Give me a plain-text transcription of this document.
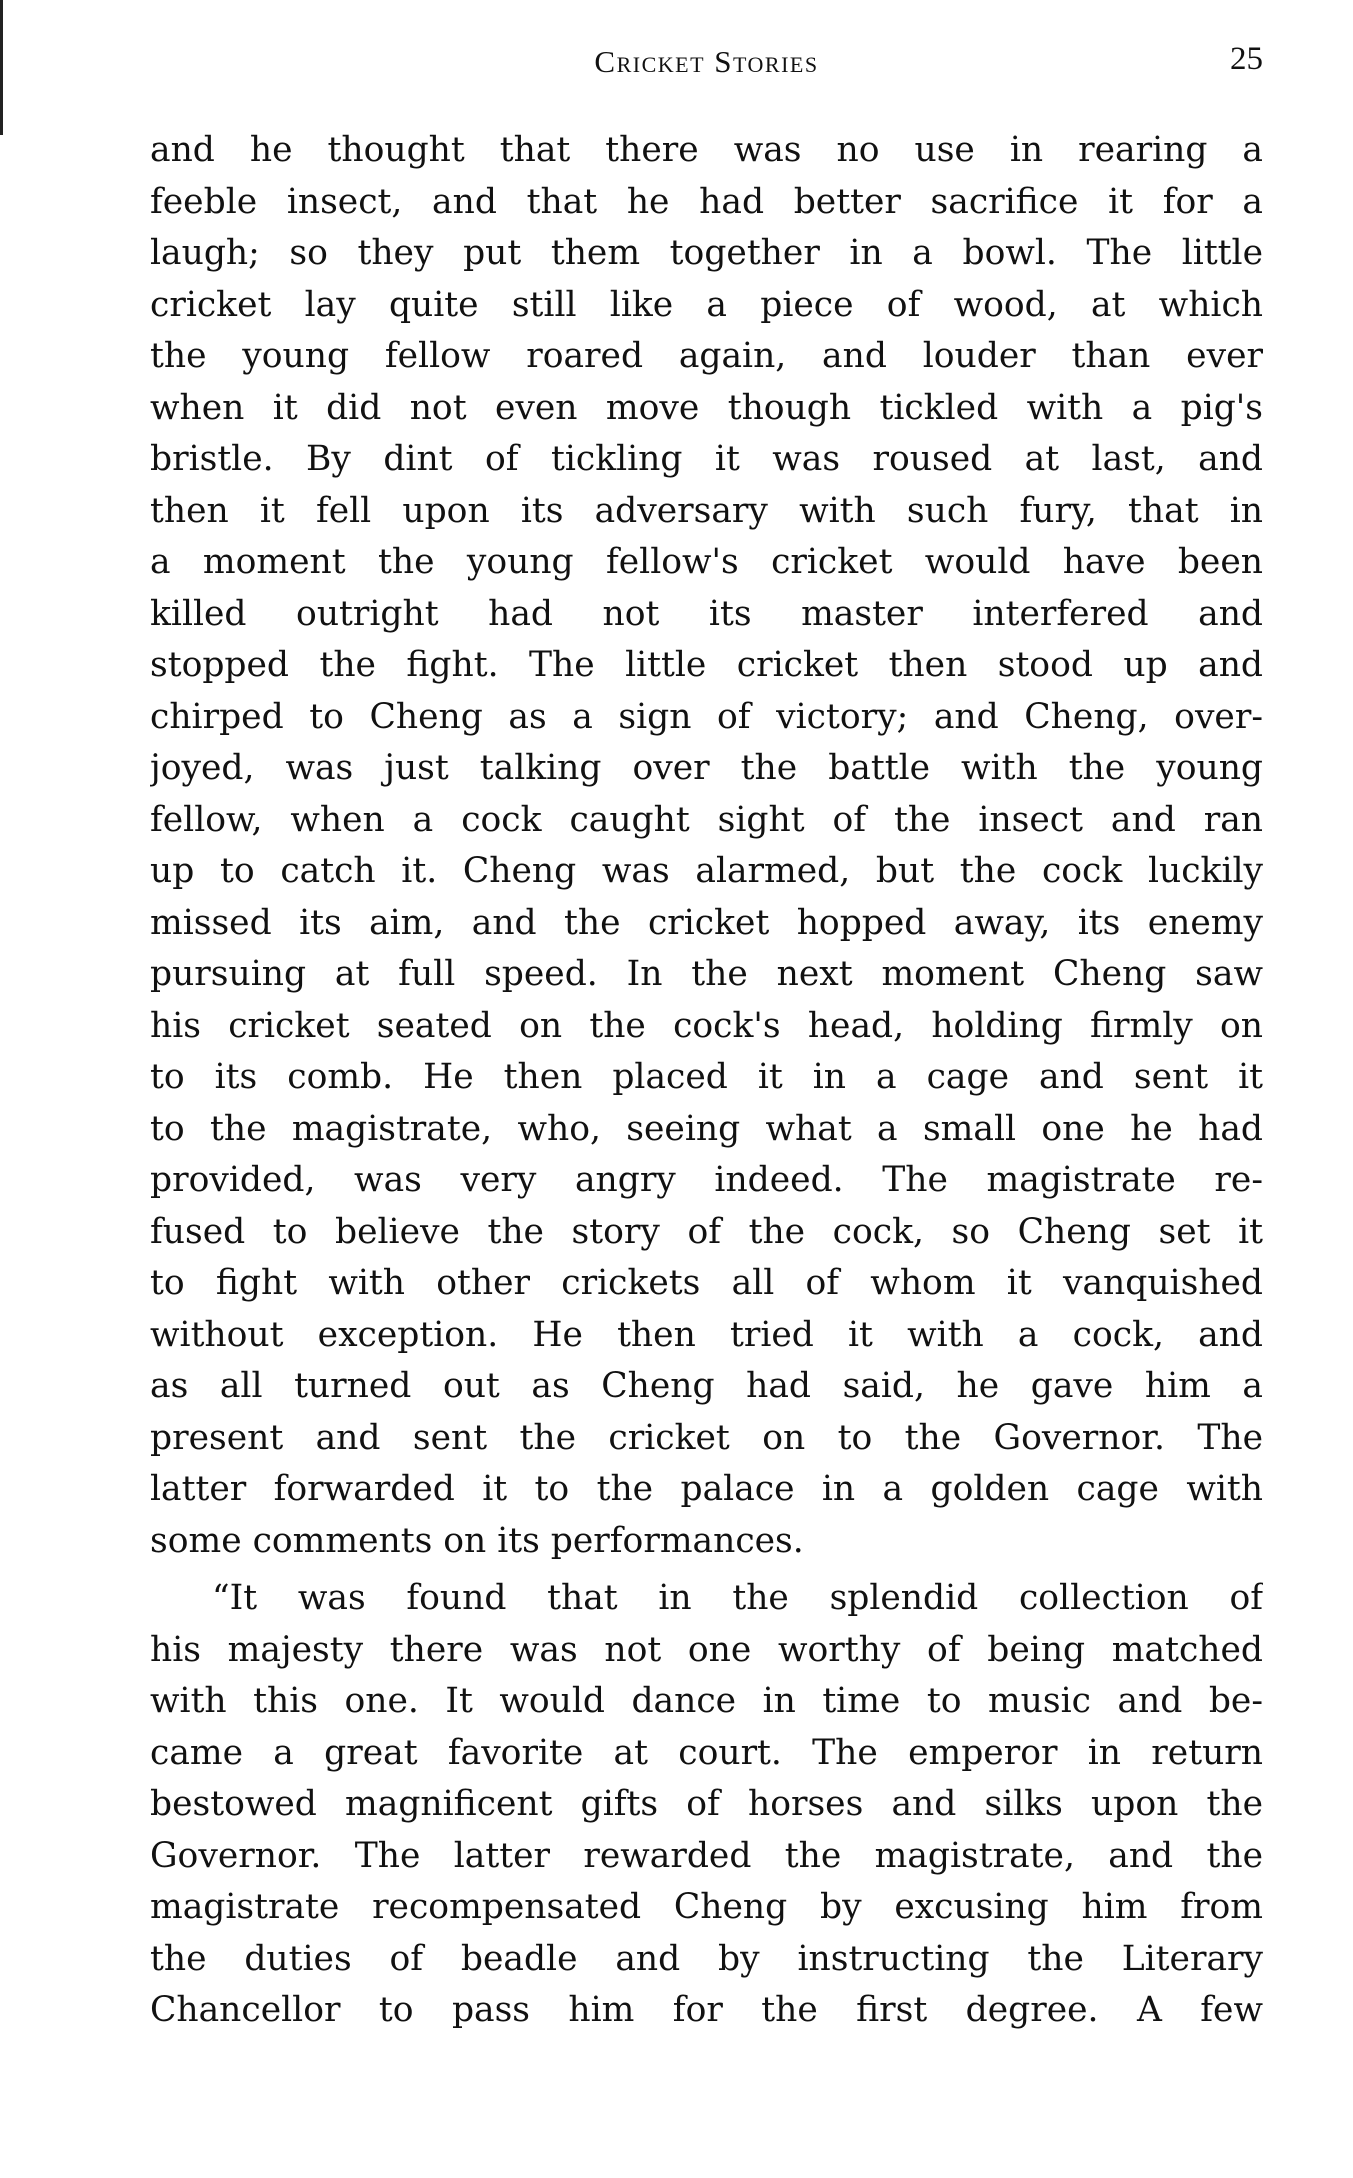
Cricket Stories	25
and he thought that there was no use in rearing a
feeble insect, and that he had better sacrifice it for a
laugh; so they put them together in a bowl. The little
cricket lay quite still like a piece of wood, at which
the young fellow roared again, and louder than ever
when it did not even move though tickled with a pig's
bristle. By dint of tickling it was roused at last, and
then it fell upon its adversary with such fury, that in
a moment the young fellow's cricket would have been
killed outright had not its master interfered and
stopped the fight. The little cricket then stood up and
chirped to Cheng as a sign of victory; and Cheng, over-
joyed, was just talking over the battle with the young
fellow, when a cock caught sight of the insect and ran
up to catch it. Cheng was alarmed, but the cock luckily
missed its aim, and the cricket hopped away, its enemy
pursuing at full speed. In the next moment Cheng saw
his cricket seated on the cock's head, holding firmly on
to its comb. He then placed it in a cage and sent it
to the magistrate, who, seeing what a small one he had
provided, was very angry indeed. The magistrate re-
fused to believe the story of the cock, so Cheng set it
to fight with other crickets all of whom it vanquished
without exception. He then tried it with a cock, and
as all turned out as Cheng had said, he gave him a
present and sent the cricket on to the Governor. The
latter forwarded it to the palace in a golden cage with
some comments on its performances.
“It was found that in the splendid collection of
his majesty there was not one worthy of being matched
with this one. It would dance in time to music and be-
came a great favorite at court. The emperor in return
bestowed magnificent gifts of horses and silks upon the
Governor. The latter rewarded the magistrate, and the
magistrate recompensated Cheng by excusing him from
the duties of beadle and by instructing the Literary
Chancellor to pass him for the first degree. A few
